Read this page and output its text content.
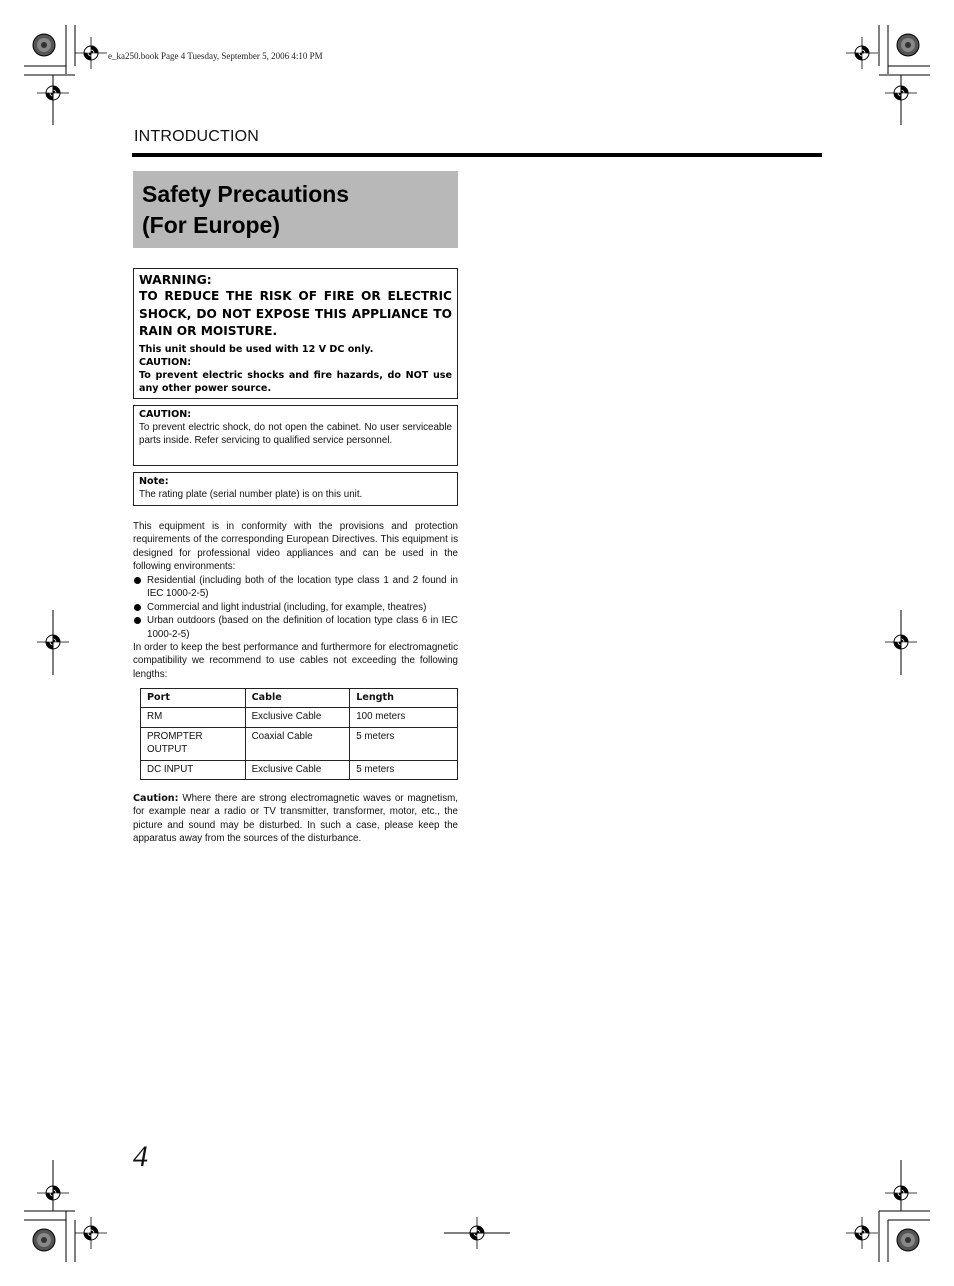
e_ka250.book Page 4 Tuesday, September 5, 2006 4:10 PM
INTRODUCTION
Safety Precautions
(For Europe)
WARNING:
TO REDUCE THE RISK OF FIRE OR ELECTRIC SHOCK, DO NOT EXPOSE THIS APPLIANCE TO RAIN OR MOISTURE.
This unit should be used with 12 V DC only.
CAUTION:
To prevent electric shocks and fire hazards, do NOT use any other power source.
CAUTION:
To prevent electric shock, do not open the cabinet. No user serviceable parts inside. Refer servicing to qualified service personnel.
Note:
The rating plate (serial number plate) is on this unit.
This equipment is in conformity with the provisions and protection requirements of the corresponding European Directives. This equipment is designed for professional video appliances and can be used in the following environments:
Residential (including both of the location type class 1 and 2 found in IEC 1000-2-5)
Commercial and light industrial (including, for example, theatres)
Urban outdoors (based on the definition of location type class 6 in IEC 1000-2-5)
In order to keep the best performance and furthermore for electromagnetic compatibility we recommend to use cables not exceeding the following lengths:
Port	Cable	Length
RM	Exclusive Cable	100 meters
PROMPTER OUTPUT	Coaxial Cable	5 meters
DC INPUT	Exclusive Cable	5 meters
Caution: Where there are strong electromagnetic waves or magnetism, for example near a radio or TV transmitter, transformer, motor, etc., the picture and sound may be disturbed. In such a case, please keep the apparatus away from the sources of the disturbance.
4
